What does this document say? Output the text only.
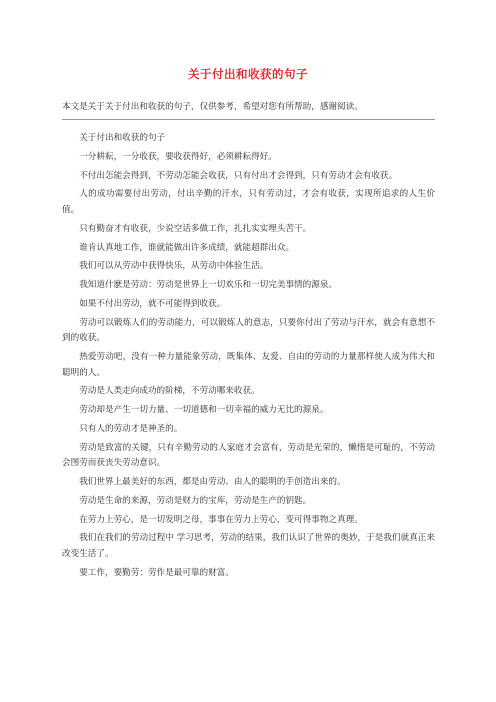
关于付出和收获的句子
本文是关于关于付出和收获的句子，仅供参考，希望对您有所帮助，感谢阅读。

关于付出和收获的句子

一分耕耘，一分收获，要收获得好，必须耕耘得好。

不付出怎能会得到，不劳动怎能会收获，只有付出才会得到，只有劳动才会有收获。

人的成功需要付出劳动，付出辛勤的汗水，只有劳动过，才会有收获，实现所追求的人生价值。

只有勤奋才有收获，少说空话多做工作，扎扎实实埋头苦干。

谁肯认真地工作，谁就能做出许多成绩，就能超群出众。

我们可以从劳动中获得快乐，从劳动中体验生活。

我知道什麽是劳动：劳动是世界上一切欢乐和一切完美事情的源泉。

如果不付出劳动，就不可能得到收获。

劳动可以锻炼人们的劳动能力，可以锻炼人的意志，只要你付出了劳动与汗水，就会有意想不到的收获。

热爱劳动吧，没有一种力量能象劳动，既集体、友爱、自由的劳动的力量那样使人成为伟大和聪明的人。

劳动是人类走向成功的阶梯，不劳动哪来收获。

劳动却是产生一切力量、一切道德和一切幸福的威力无比的源泉。

只有人的劳动才是神圣的。

劳动是致富的关键，只有辛勤劳动的人家庭才会富有，劳动是光荣的，懒惰是可耻的，不劳动会图劳而获丧失劳动意识。

我们世界上最美好的东西，都是由劳动、由人的聪明的手创造出来的。

劳动是生命的来源，劳动是财力的宝库，劳动是生产的钥匙。

在劳力上劳心，是一切发明之母，事事在劳力上劳心，变可得事物之真理。

我们在我们的劳动过程中 学习思考，劳动的结果，我们认识了世界的奥妙，于是我们就真正来改变生活了。

要工作，要勤劳：劳作是最可靠的财富。
